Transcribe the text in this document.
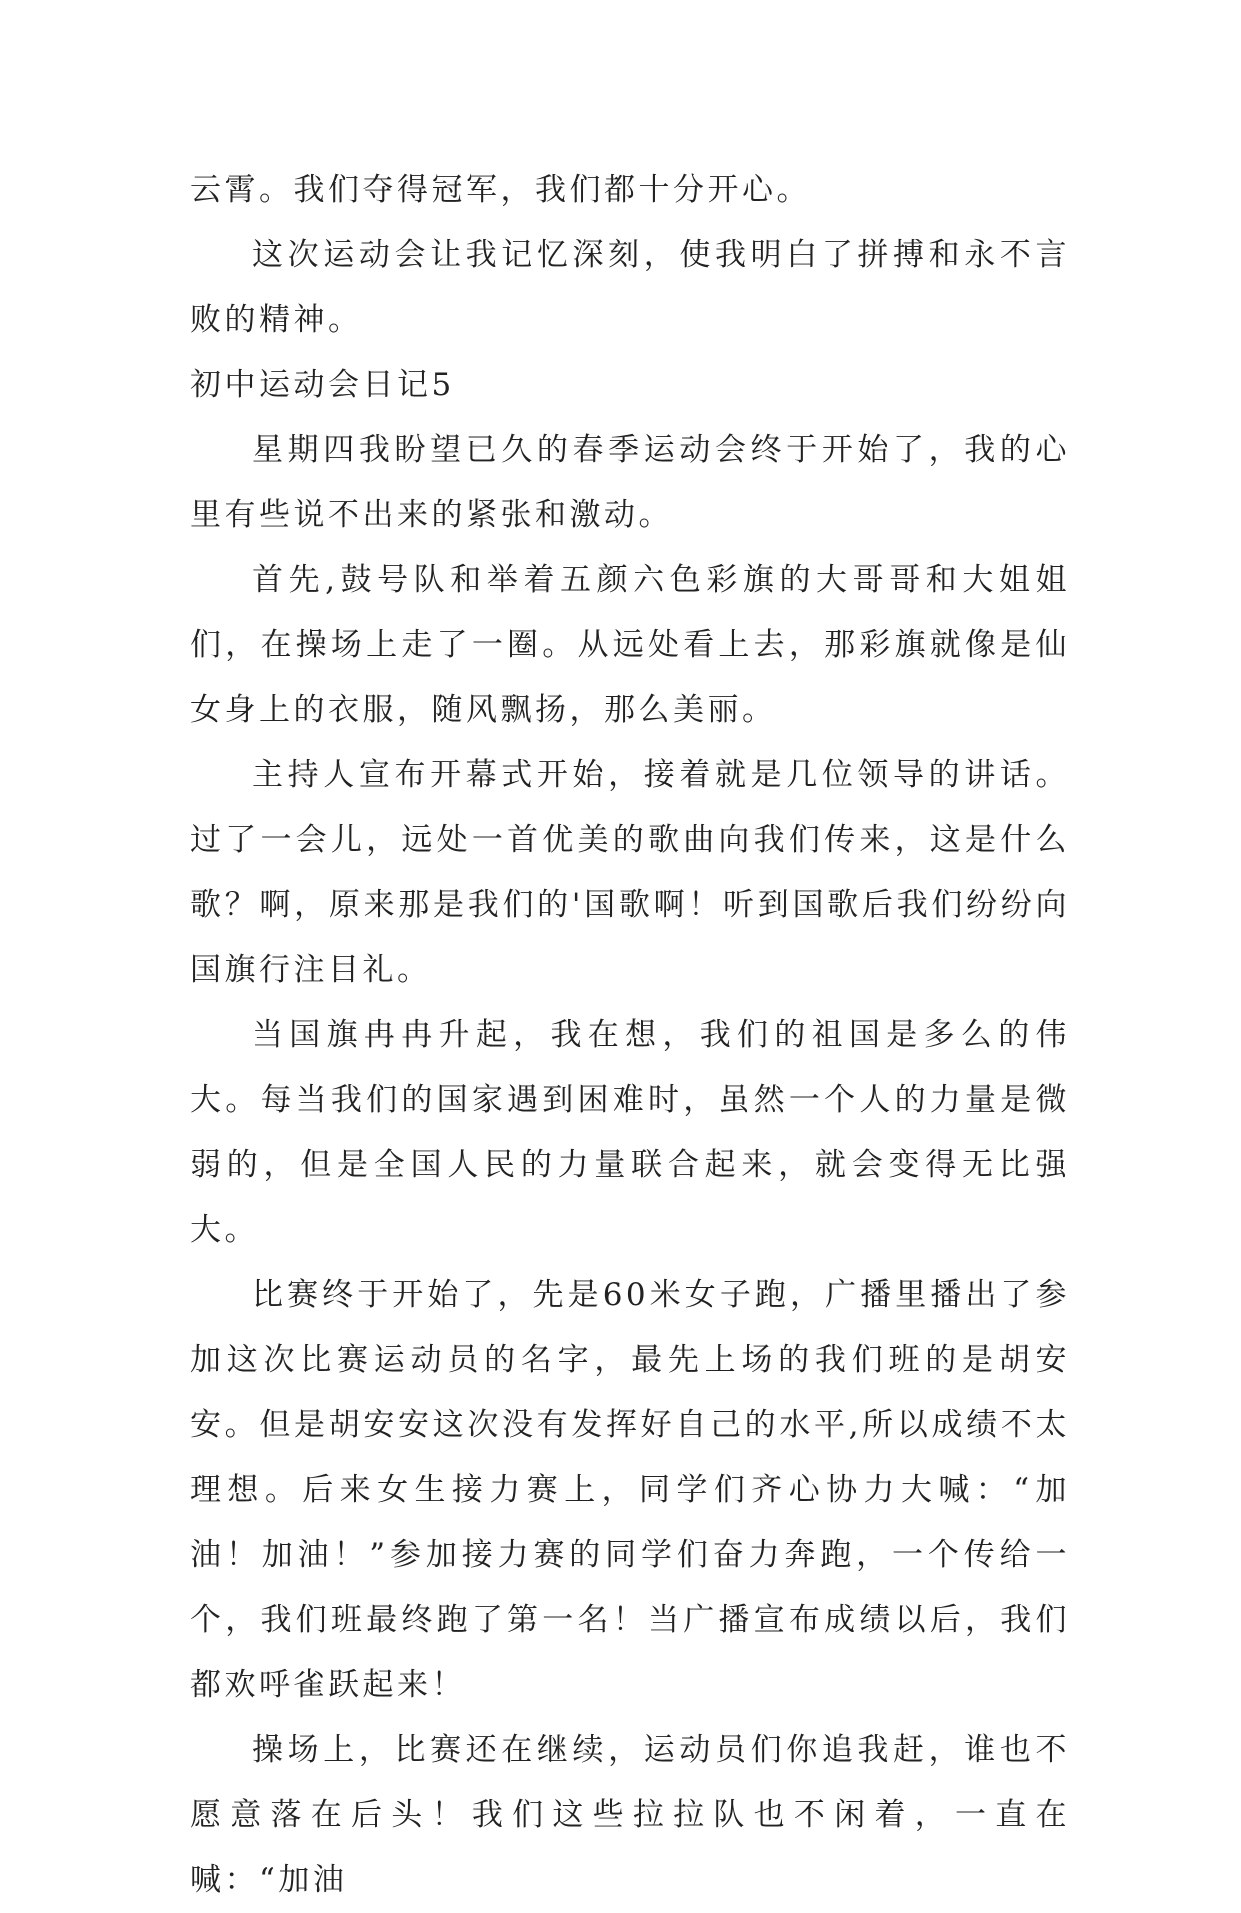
云霄。我们夺得冠军，我们都十分开心。

这次运动会让我记忆深刻，使我明白了拼搏和永不言败的精神。

初中运动会日记5

星期四我盼望已久的春季运动会终于开始了，我的心里有些说不出来的紧张和激动。

首先,鼓号队和举着五颜六色彩旗的大哥哥和大姐姐们，在操场上走了一圈。从远处看上去，那彩旗就像是仙女身上的衣服，随风飘扬，那么美丽。

主持人宣布开幕式开始，接着就是几位领导的讲话。过了一会儿，远处一首优美的歌曲向我们传来，这是什么歌？啊，原来那是我们的'国歌啊！听到国歌后我们纷纷向国旗行注目礼。

当国旗冉冉升起，我在想，我们的祖国是多么的伟大。每当我们的国家遇到困难时，虽然一个人的力量是微弱的，但是全国人民的力量联合起来，就会变得无比强大。

比赛终于开始了，先是60米女子跑，广播里播出了参加这次比赛运动员的名字，最先上场的我们班的是胡安安。但是胡安安这次没有发挥好自己的水平,所以成绩不太理想。后来女生接力赛上，同学们齐心协力大喊：“加油！加油！”参加接力赛的同学们奋力奔跑，一个传给一个，我们班最终跑了第一名！当广播宣布成绩以后，我们都欢呼雀跃起来！

操场上，比赛还在继续，运动员们你追我赶，谁也不愿意落在后头！我们这些拉拉队也不闲着，一直在喊：“加油
